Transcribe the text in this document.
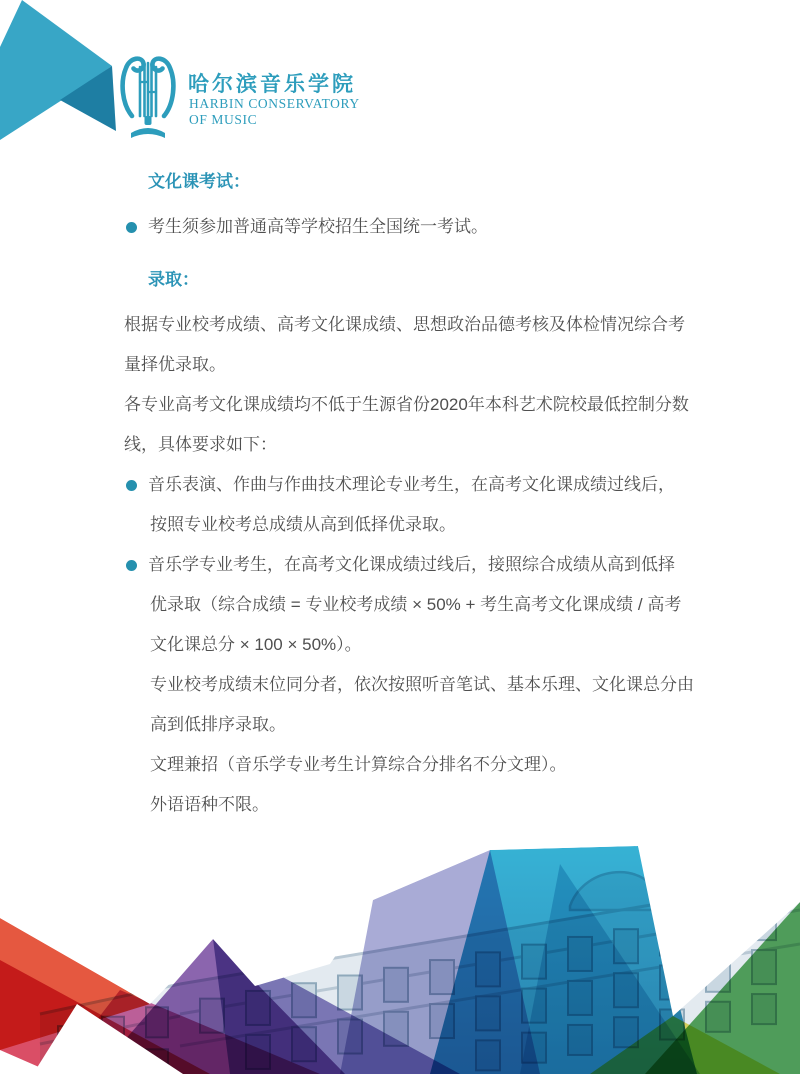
哈尔滨音乐学院
HARBIN CONSERVATORY
OF MUSIC
文化课考试：
考生须参加普通高等学校招生全国统一考试。
录取：
根据专业校考成绩、高考文化课成绩、思想政治品德考核及体检情况综合考
量择优录取。
各专业高考文化课成绩均不低于生源省份2020年本科艺术院校最低控制分数
线，具体要求如下：
音乐表演、作曲与作曲技术理论专业考生，在高考文化课成绩过线后，
按照专业校考总成绩从高到低择优录取。
音乐学专业考生，在高考文化课成绩过线后，接照综合成绩从高到低择
优录取（综合成绩 = 专业校考成绩 × 50% + 考生高考文化课成绩 / 高考
文化课总分 × 100 × 50%）。
专业校考成绩末位同分者，依次按照听音笔试、基本乐理、文化课总分由
高到低排序录取。
文理兼招（音乐学专业考生计算综合分排名不分文理）。
外语语种不限。
